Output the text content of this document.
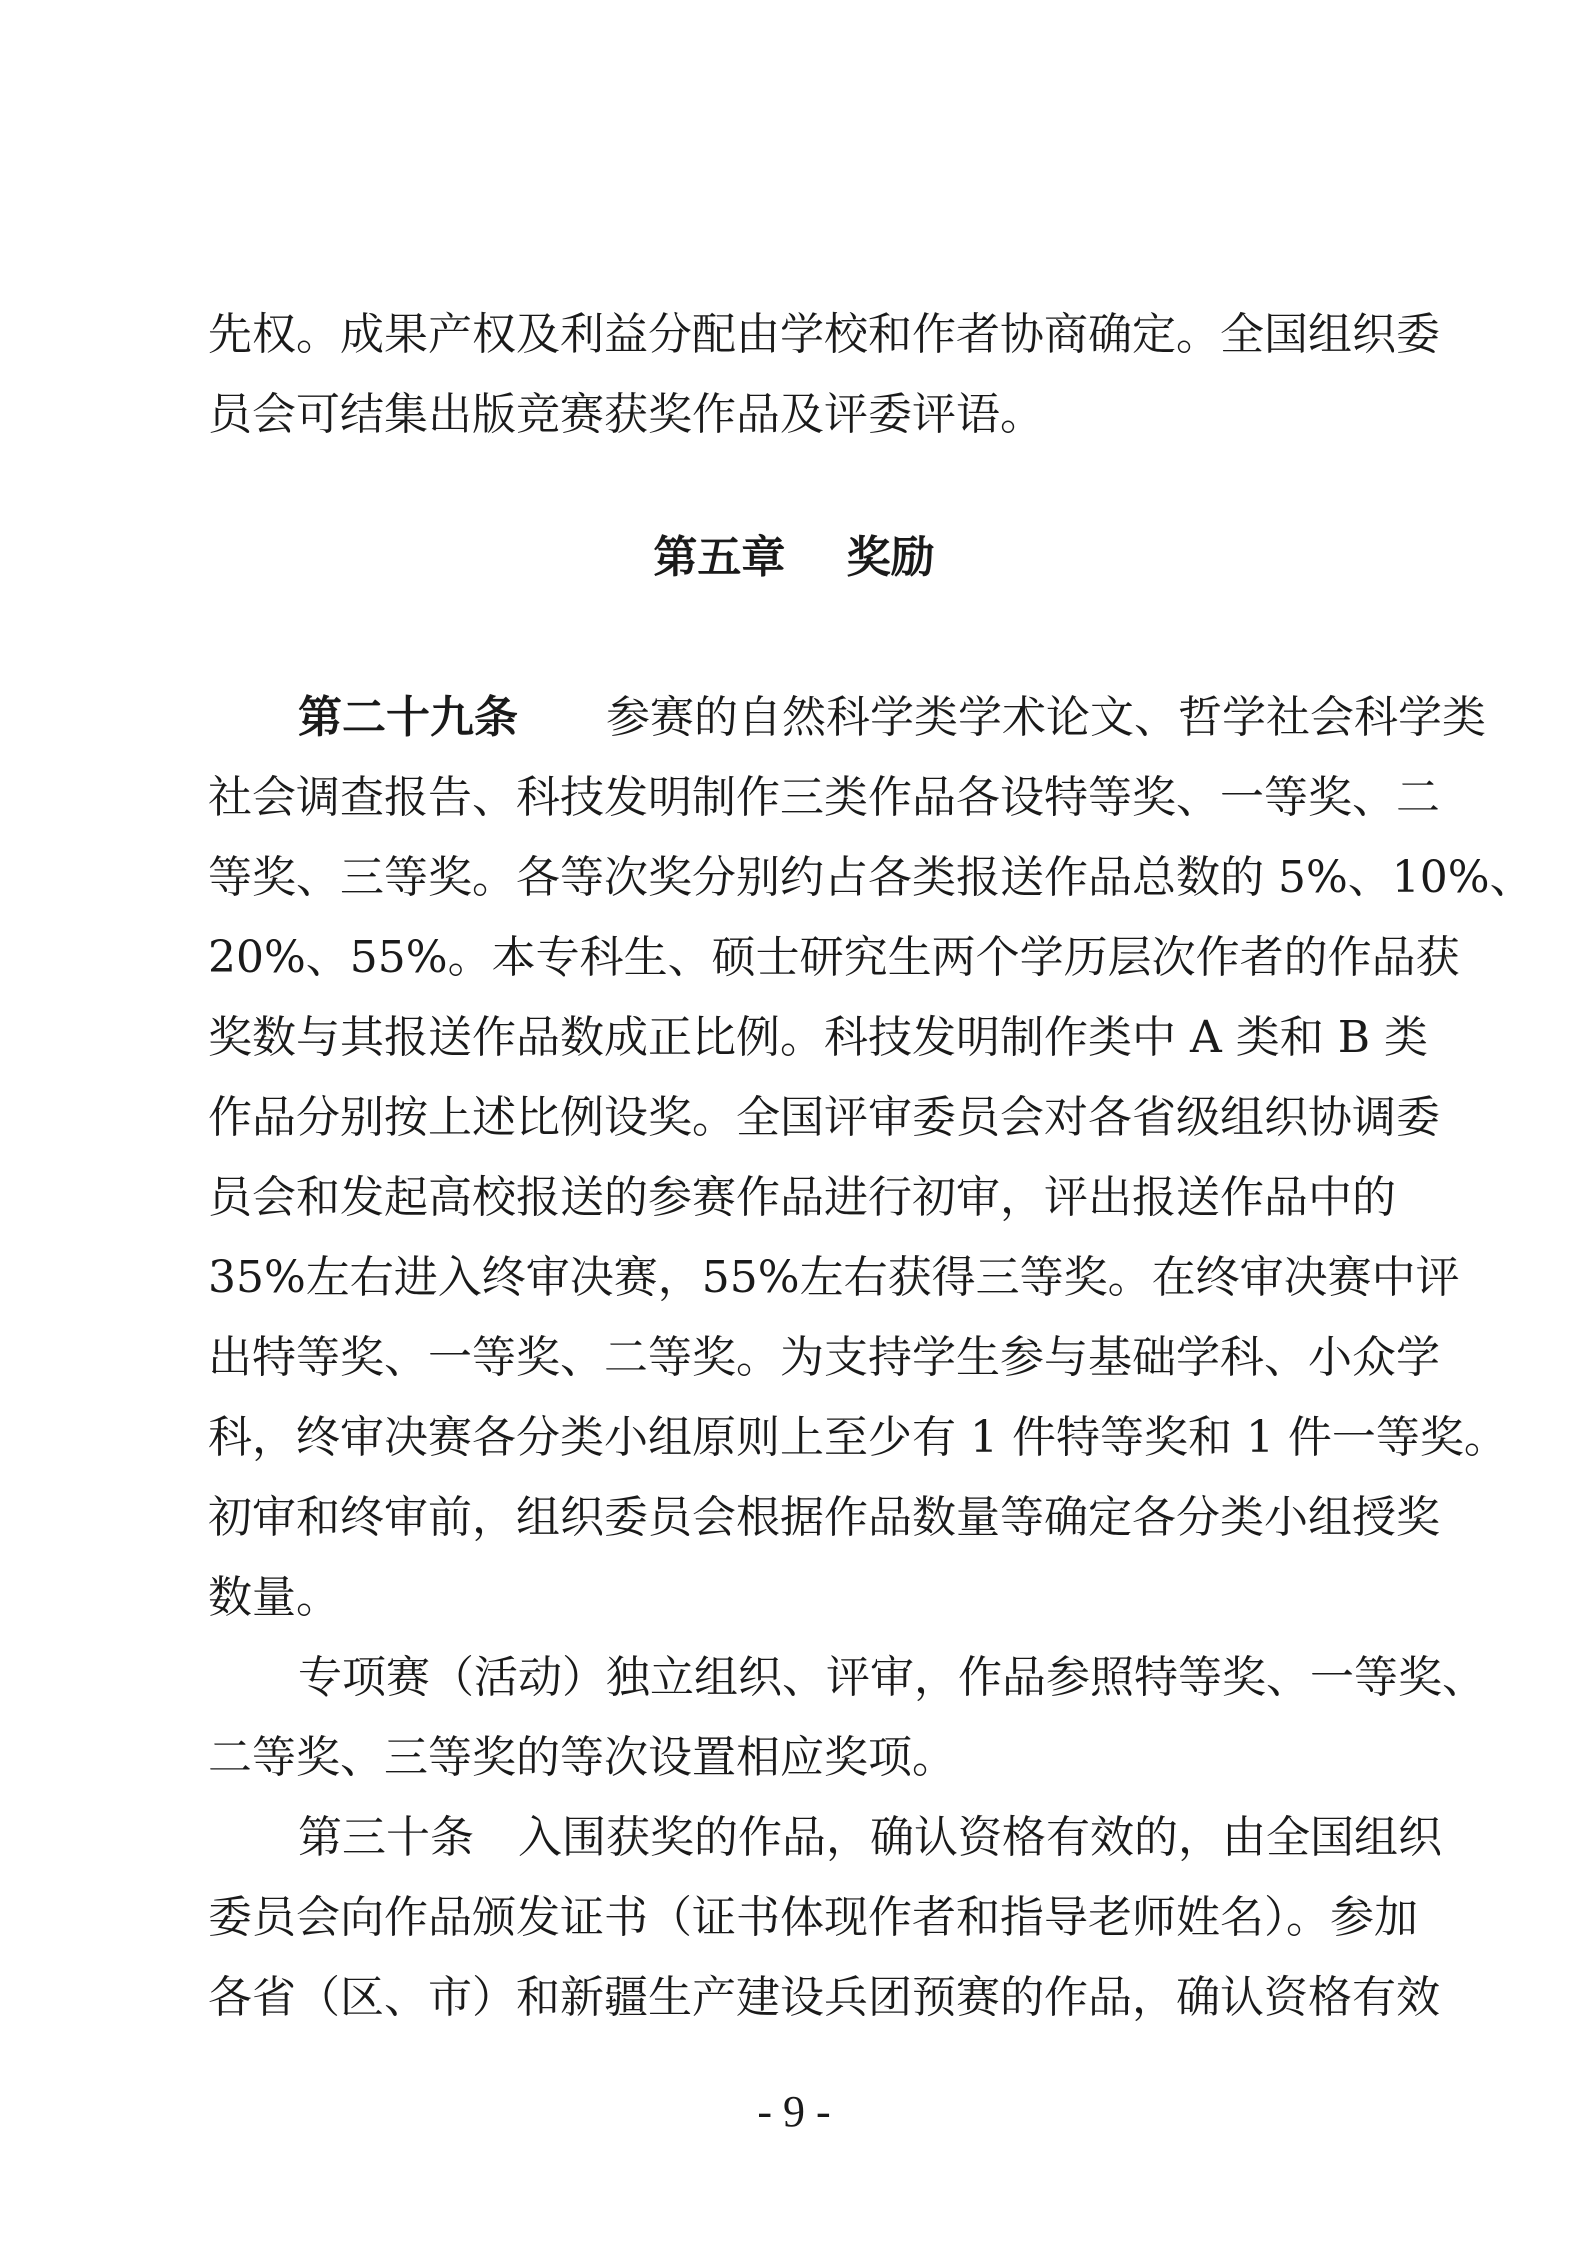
先权。成果产权及利益分配由学校和作者协商确定。全国组织委
员会可结集出版竞赛获奖作品及评委评语。
第五章 奖励
第二十九条　　 参赛的自然科学类学术论文、哲学社会科学类
社会调查报告、科技发明制作三类作品各设特等奖、一等奖、二
等奖、三等奖。各等次奖分别约占各类报送作品总数的 5%、10%、
20%、55%。本专科生、硕士研究生两个学历层次作者的作品获
奖数与其报送作品数成正比例。科技发明制作类中 A 类和 B 类
作品分别按上述比例设奖。全国评审委员会对各省级组织协调委
员会和发起高校报送的参赛作品进行初审，评出报送作品中的
35%左右进入终审决赛，55%左右获得三等奖。在终审决赛中评
出特等奖、一等奖、二等奖。为支持学生参与基础学科、小众学
科，终审决赛各分类小组原则上至少有 1 件特等奖和 1 件一等奖。
初审和终审前，组织委员会根据作品数量等确定各分类小组授奖
数量。
专项赛（活动）独立组织、评审，作品参照特等奖、一等奖、
二等奖、三等奖的等次设置相应奖项。
第三十条　入围获奖的作品，确认资格有效的，由全国组织
委员会向作品颁发证书（证书体现作者和指导老师姓名）。参加
各省（区、市）和新疆生产建设兵团预赛的作品，确认资格有效
- 9 -
